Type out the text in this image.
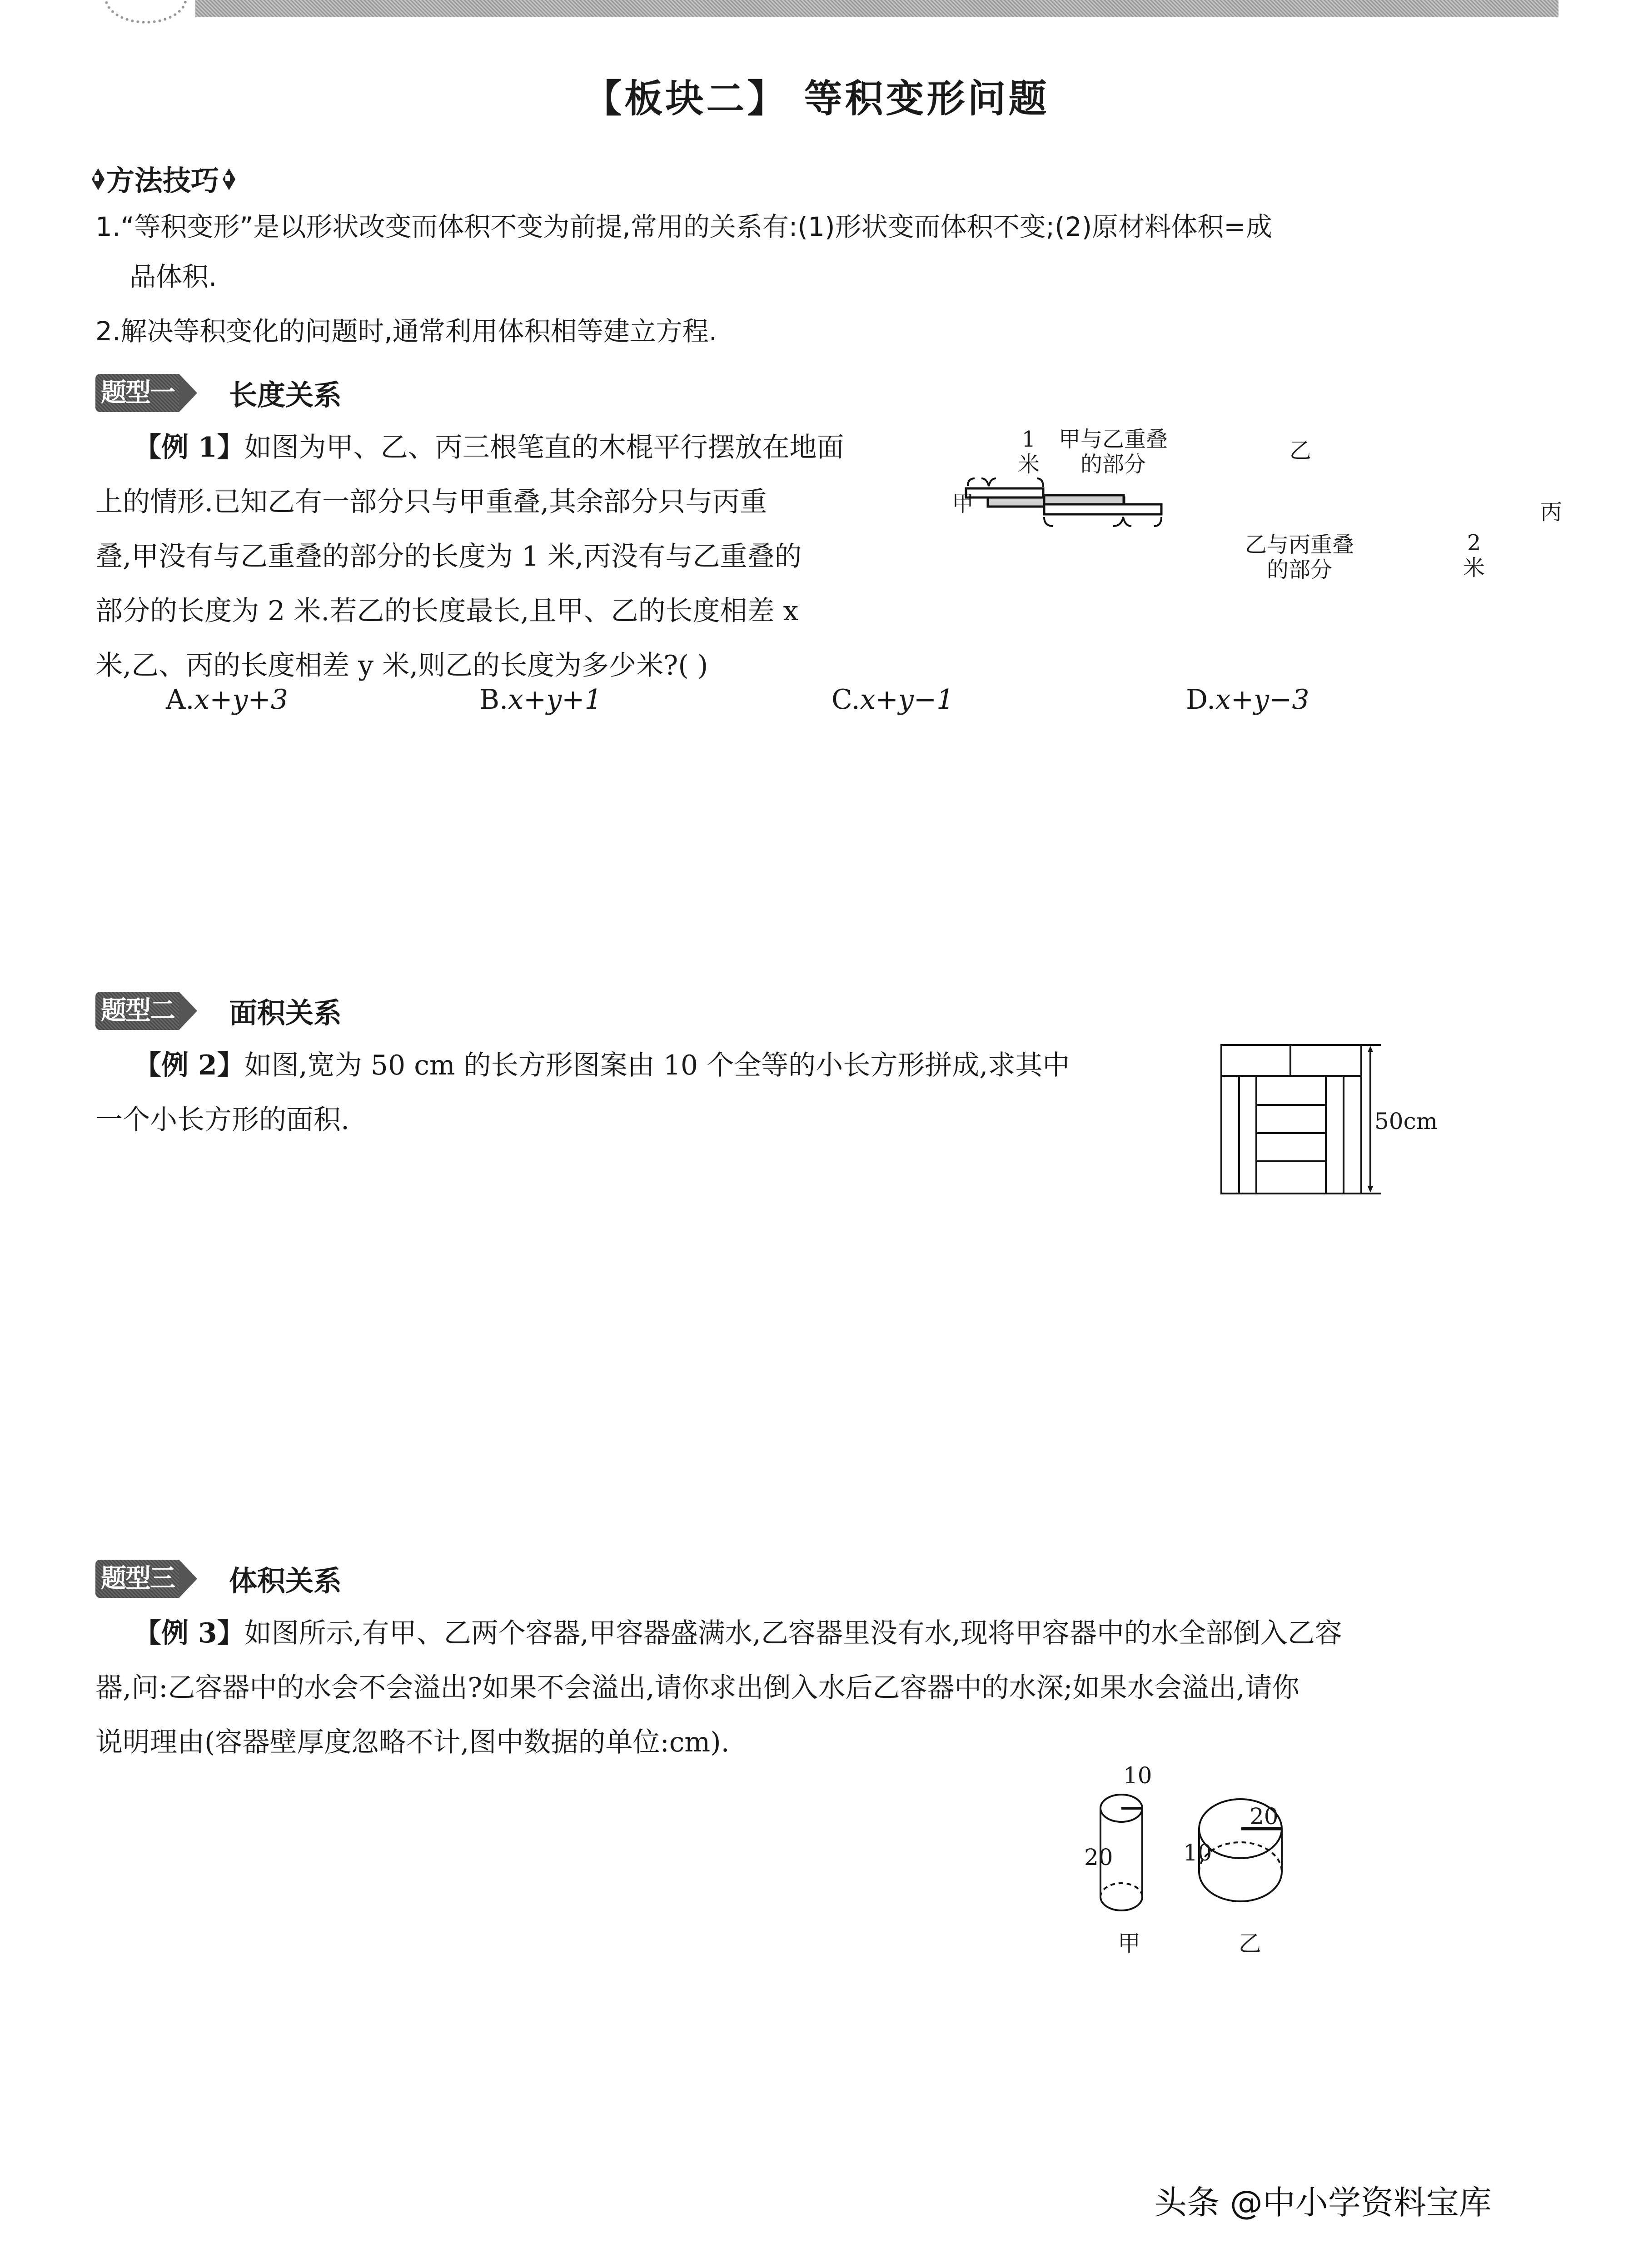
【板块二】 等积变形问题
方法技巧
1.“等积变形”是以形状改变而体积不变为前提,常用的关系有:(1)形状变而体积不变;(2)原材料体积=成
品体积.
2.解决等积变化的问题时,通常利用体积相等建立方程.
题型一 长度关系
【例 1】如图为甲、乙、丙三根笔直的木棍平行摆放在地面
上的情形.已知乙有一部分只与甲重叠,其余部分只与丙重
叠,甲没有与乙重叠的部分的长度为 1 米,丙没有与乙重叠的
部分的长度为 2 米.若乙的长度最长,且甲、乙的长度相差 x
米,乙、丙的长度相差 y 米,则乙的长度为多少米?( )
A.x+y+3	B.x+y+1	C.x+y−1	D.x+y−3
甲
乙
丙
1
米
甲与乙重叠
的部分
乙与丙重叠
的部分
2
米
题型二 面积关系
【例 2】如图,宽为 50 cm 的长方形图案由 10 个全等的小长方形拼成,求其中
一个小长方形的面积.	50cm
题型三 体积关系
【例 3】如图所示,有甲、乙两个容器,甲容器盛满水,乙容器里没有水,现将甲容器中的水全部倒入乙容
器,问:乙容器中的水会不会溢出?如果不会溢出,请你求出倒入水后乙容器中的水深;如果水会溢出,请你
说明理由(容器壁厚度忽略不计,图中数据的单位:cm).
10
20
甲
20
10
乙
头条 @中小学资料宝库
